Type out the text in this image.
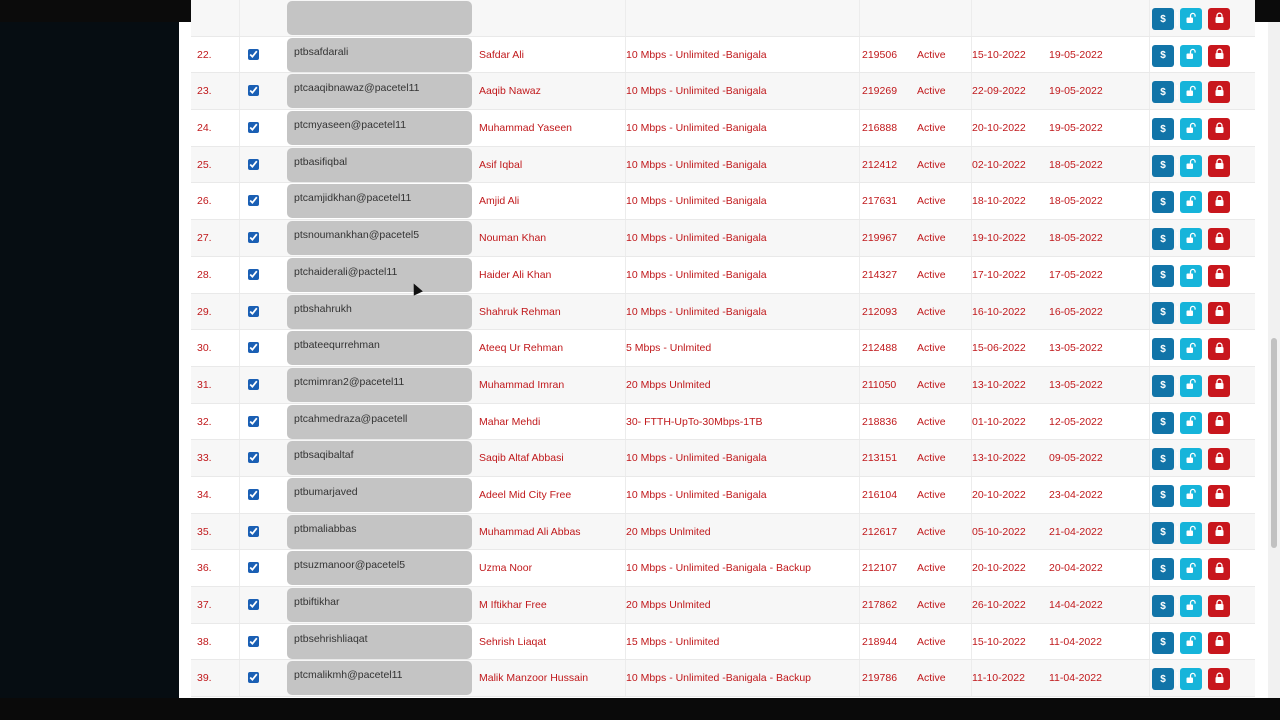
$
22.	ptbsafdarali	Safdar Ali	10 Mbps - Unlimited -Banigala	219506	Active	15-10-2022	19-05-2022	$
23.	ptcaaqibnawaz@pacetel11	Aaqib Nawaz	10 Mbps - Unlimited -Banigala	219269	Active	22-09-2022	19-05-2022	$
24.	ptcmyaseen@pacetel11	Muhammad Yaseen	10 Mbps - Unlimited -Banigala	216888	Active	20-10-2022	19-05-2022	$
25.	ptbasifiqbal	Asif Iqbal	10 Mbps - Unlimited -Banigala	212412	Active	02-10-2022	18-05-2022	$
26.	ptcamjidkhan@pacetel11	Amjid Ali	10 Mbps - Unlimited -Banigala	217631	Active	18-10-2022	18-05-2022	$
27.	ptsnoumankhan@pacetel5	Nouman Khan	10 Mbps - Unlimited -Banigala	219967	Active	19-10-2022	18-05-2022	$
28.	ptchaiderali@pactel11	Haider Ali Khan	10 Mbps - Unlimited -Banigala	214327	Active	17-10-2022	17-05-2022	$
29.	ptbshahrukh	Shahruk Rehman	10 Mbps - Unlimited -Banigala	212093	Active	16-10-2022	16-05-2022	$
30.	ptbateequrrehman	Ateeq Ur Rehman	5 Mbps - Unlmited	212488	Active	15-06-2022	13-05-2022	$
31.	ptcmimran2@pacetel11	Muhammad Imran	20 Mbps Unlmited	211050	Active	13-10-2022	13-05-2022	$
32.	ptcahmedraza@pacetell	Mahar Mehdi	30- FTTH-UpTo-30Mbps-1TB	218836	Active	01-10-2022	12-05-2022	$
33.	ptbsaqibaltaf	Saqib Altaf Abbasi	10 Mbps - Unlimited -Banigala	213151	Active	13-10-2022	09-05-2022	$
34.	ptbumarjaved	Adeel Mid City Free	10 Mbps - Unlimited -Banigala	216104	Active	20-10-2022	23-04-2022	$
35.	ptbmaliabbas	Muhammad Ali Abbas	20 Mbps Unlmited	212617	Active	05-10-2022	21-04-2022	$
36.	ptsuzmanoor@pacetel5	Uzma Noor	10 Mbps - Unlimited -Banigala - Backup	212107	Active	20-10-2022	20-04-2022	$
37.	ptbiftikhar	M Iftikhar Free	20 Mbps Unlmited	217862	Active	26-10-2022	14-04-2022	$
38.	ptbsehrishliaqat	Sehrish Liaqat	15 Mbps - Unlimited	218944	Active	15-10-2022	11-04-2022	$
39.	ptcmalikmh@pacetel11	Malik Manzoor Hussain	10 Mbps - Unlimited -Banigala - Backup	219786	Active	11-10-2022	11-04-2022	$
